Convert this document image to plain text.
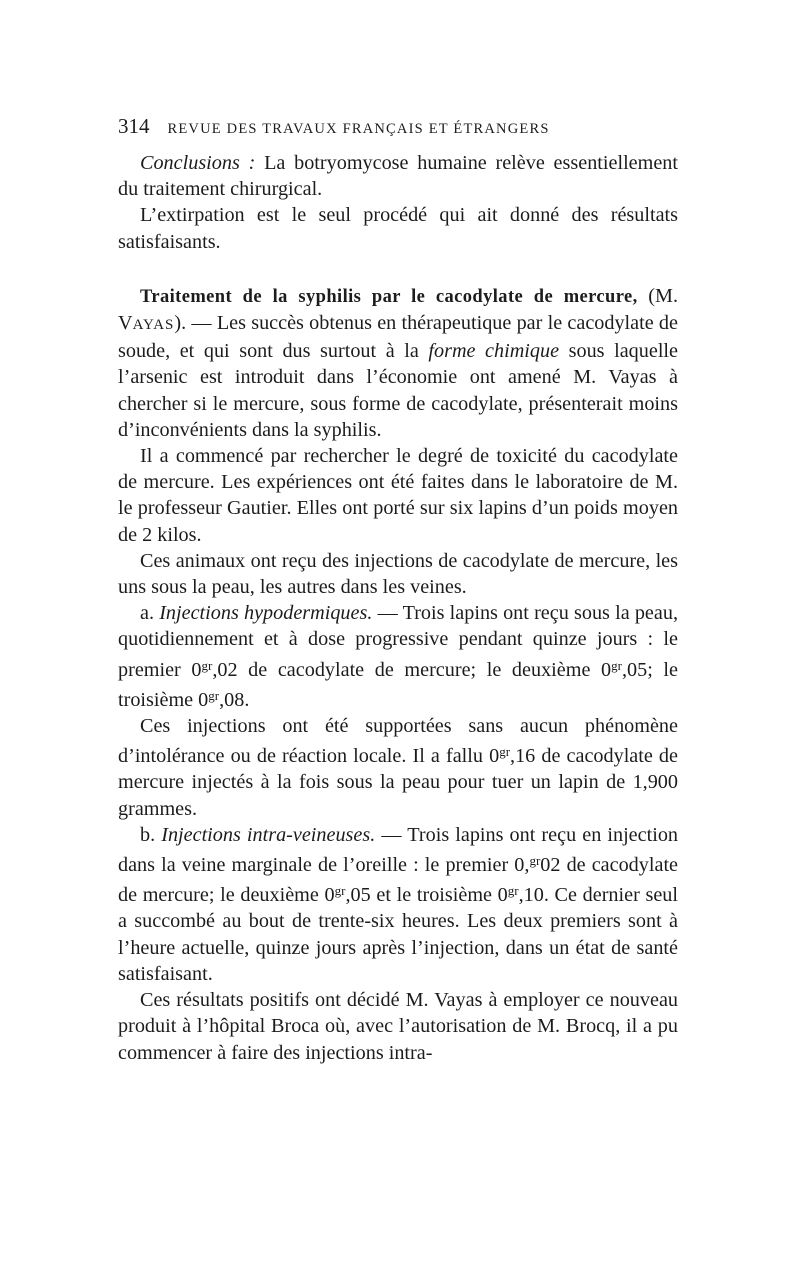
314 REVUE DES TRAVAUX FRANÇAIS ET ÉTRANGERS

Conclusions : La botryomycose humaine relève essentiellement du traitement chirurgical.

L’extirpation est le seul procédé qui ait donné des résultats satisfaisants.

Traitement de la syphilis par le cacodylate de mercure, (M. VAYAS). — Les succès obtenus en thérapeutique par le cacodylate de soude, et qui sont dus surtout à la forme chimique sous laquelle l’arsenic est introduit dans l’économie ont amené M. Vayas à chercher si le mercure, sous forme de cacodylate, présenterait moins d’inconvénients dans la syphilis.

Il a commencé par rechercher le degré de toxicité du cacodylate de mercure. Les expériences ont été faites dans le laboratoire de M. le professeur Gautier. Elles ont porté sur six lapins d’un poids moyen de 2 kilos.

Ces animaux ont reçu des injections de cacodylate de mercure, les uns sous la peau, les autres dans les veines.

a. Injections hypodermiques. — Trois lapins ont reçu sous la peau, quotidiennement et à dose progressive pendant quinze jours : le premier $0^{gr},02$ de cacodylate de mercure; le deuxième $0^{gr},05$; le troisième $0^{gr},08$.

Ces injections ont été supportées sans aucun phénomène d’intolérance ou de réaction locale. Il a fallu $0^{gr},16$ de cacodylate de mercure injectés à la fois sous la peau pour tuer un lapin de 1,900 grammes.

b. Injections intra-veineuses. — Trois lapins ont reçu en injection dans la veine marginale de l’oreille : le premier 0,$^{gr}$02 de cacodylate de mercure; le deuxième $0^{gr},05$ et le troisième $0^{gr},10$. Ce dernier seul a succombé au bout de trente-six heures. Les deux premiers sont à l’heure actuelle, quinze jours après l’injection, dans un état de santé satisfaisant.

Ces résultats positifs ont décidé M. Vayas à employer ce nouveau produit à l’hôpital Broca où, avec l’autorisation de M. Brocq, il a pu commencer à faire des injections intra-
